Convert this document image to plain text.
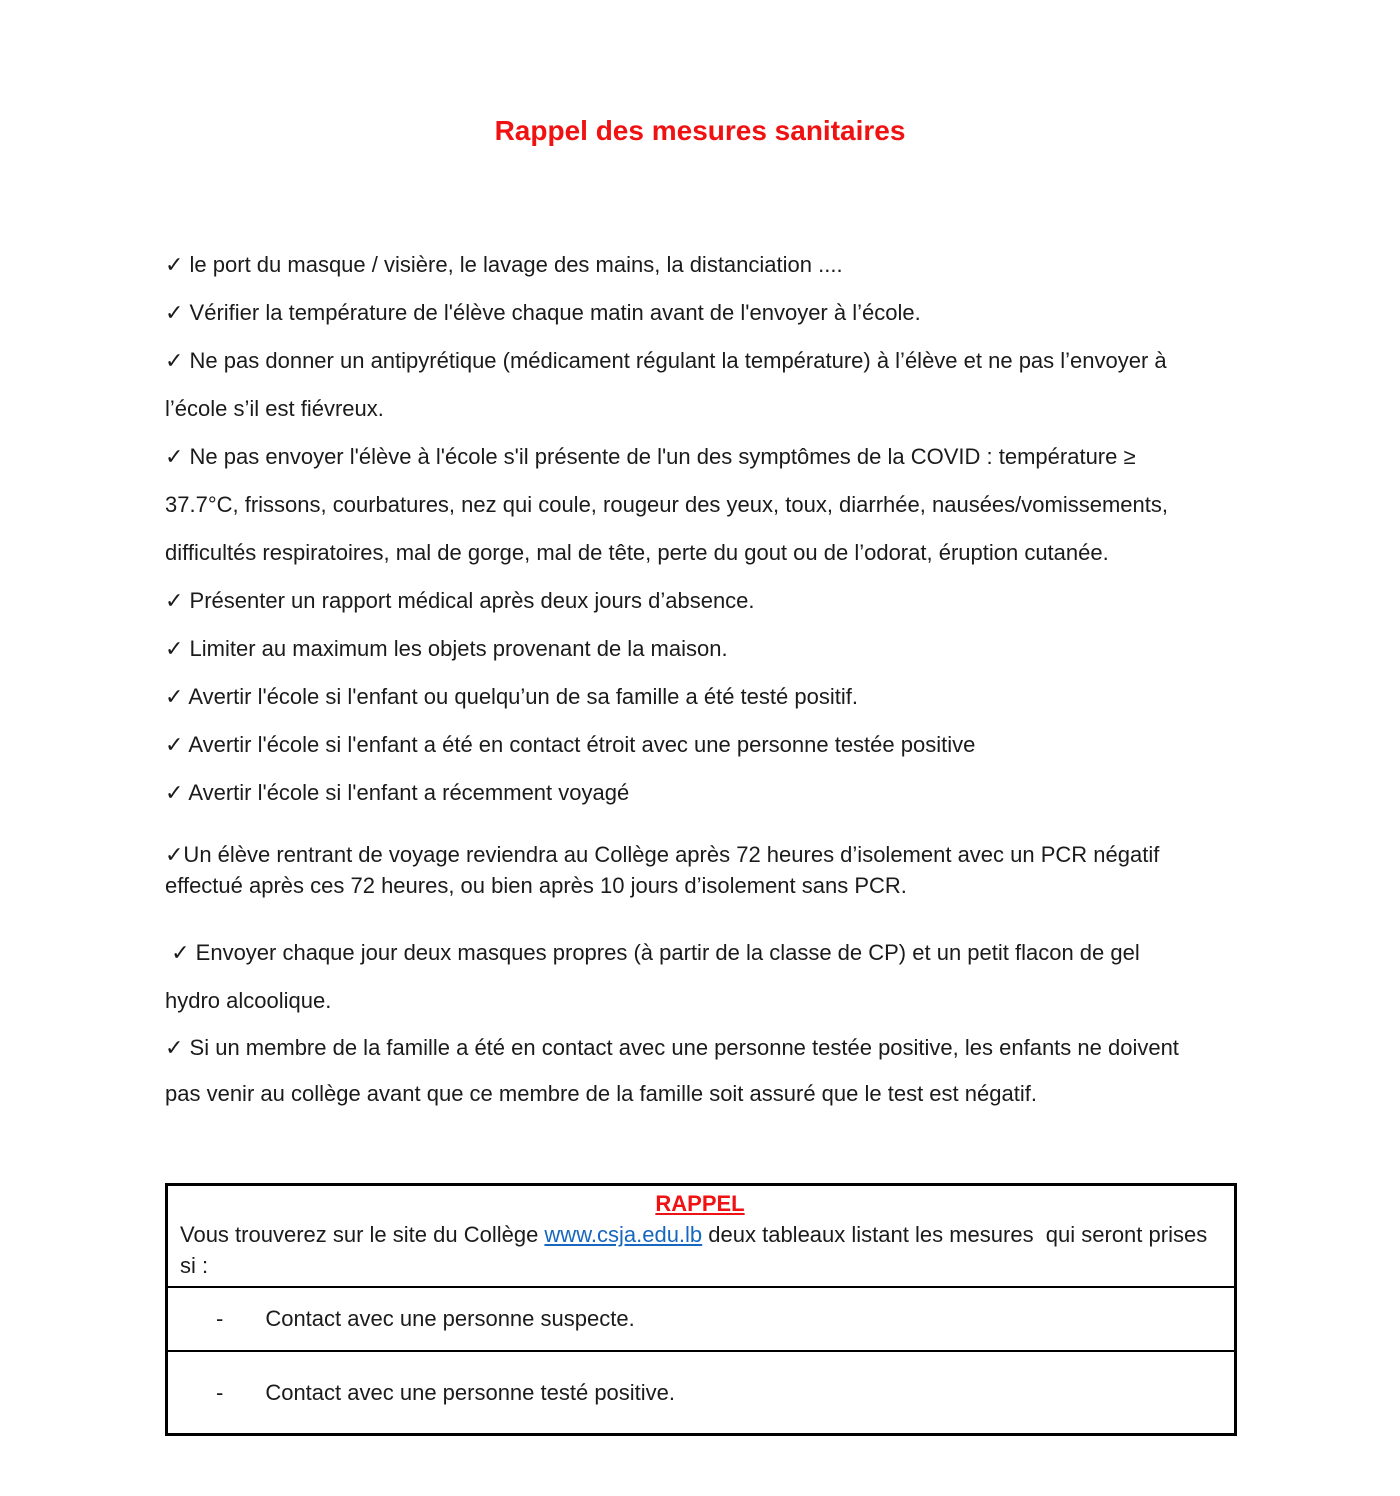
Rappel des mesures sanitaires
✓ le port du masque / visière, le lavage des mains, la distanciation ....
✓ Vérifier la température de l'élève chaque matin avant de l'envoyer à l’école.
✓ Ne pas donner un antipyrétique (médicament régulant la température) à l’élève et ne pas l’envoyer à
l’école s’il est fiévreux.
✓ Ne pas envoyer l'élève à l'école s'il présente de l'un des symptômes de la COVID : température ≥
37.7°C, frissons, courbatures, nez qui coule, rougeur des yeux, toux, diarrhée, nausées/vomissements,
difficultés respiratoires, mal de gorge, mal de tête, perte du gout ou de l’odorat, éruption cutanée.
✓ Présenter un rapport médical après deux jours d’absence.
✓ Limiter au maximum les objets provenant de la maison.
✓ Avertir l'école si l'enfant ou quelqu’un de sa famille a été testé positif.
✓ Avertir l'école si l'enfant a été en contact étroit avec une personne testée positive
✓ Avertir l'école si l'enfant a récemment voyagé
✓Un élève rentrant de voyage reviendra au Collège après 72 heures d’isolement avec un PCR négatif
effectué après ces 72 heures, ou bien après 10 jours d’isolement sans PCR.
✓ Envoyer chaque jour deux masques propres (à partir de la classe de CP) et un petit flacon de gel
hydro alcoolique.
✓ Si un membre de la famille a été en contact avec une personne testée positive, les enfants ne doivent
pas venir au collège avant que ce membre de la famille soit assuré que le test est négatif.
RAPPEL
Vous trouverez sur le site du Collège www.csja.edu.lb deux tableaux listant les mesures  qui seront prises si :

- Contact avec une personne suspecte.
- Contact avec une personne testé positive.
